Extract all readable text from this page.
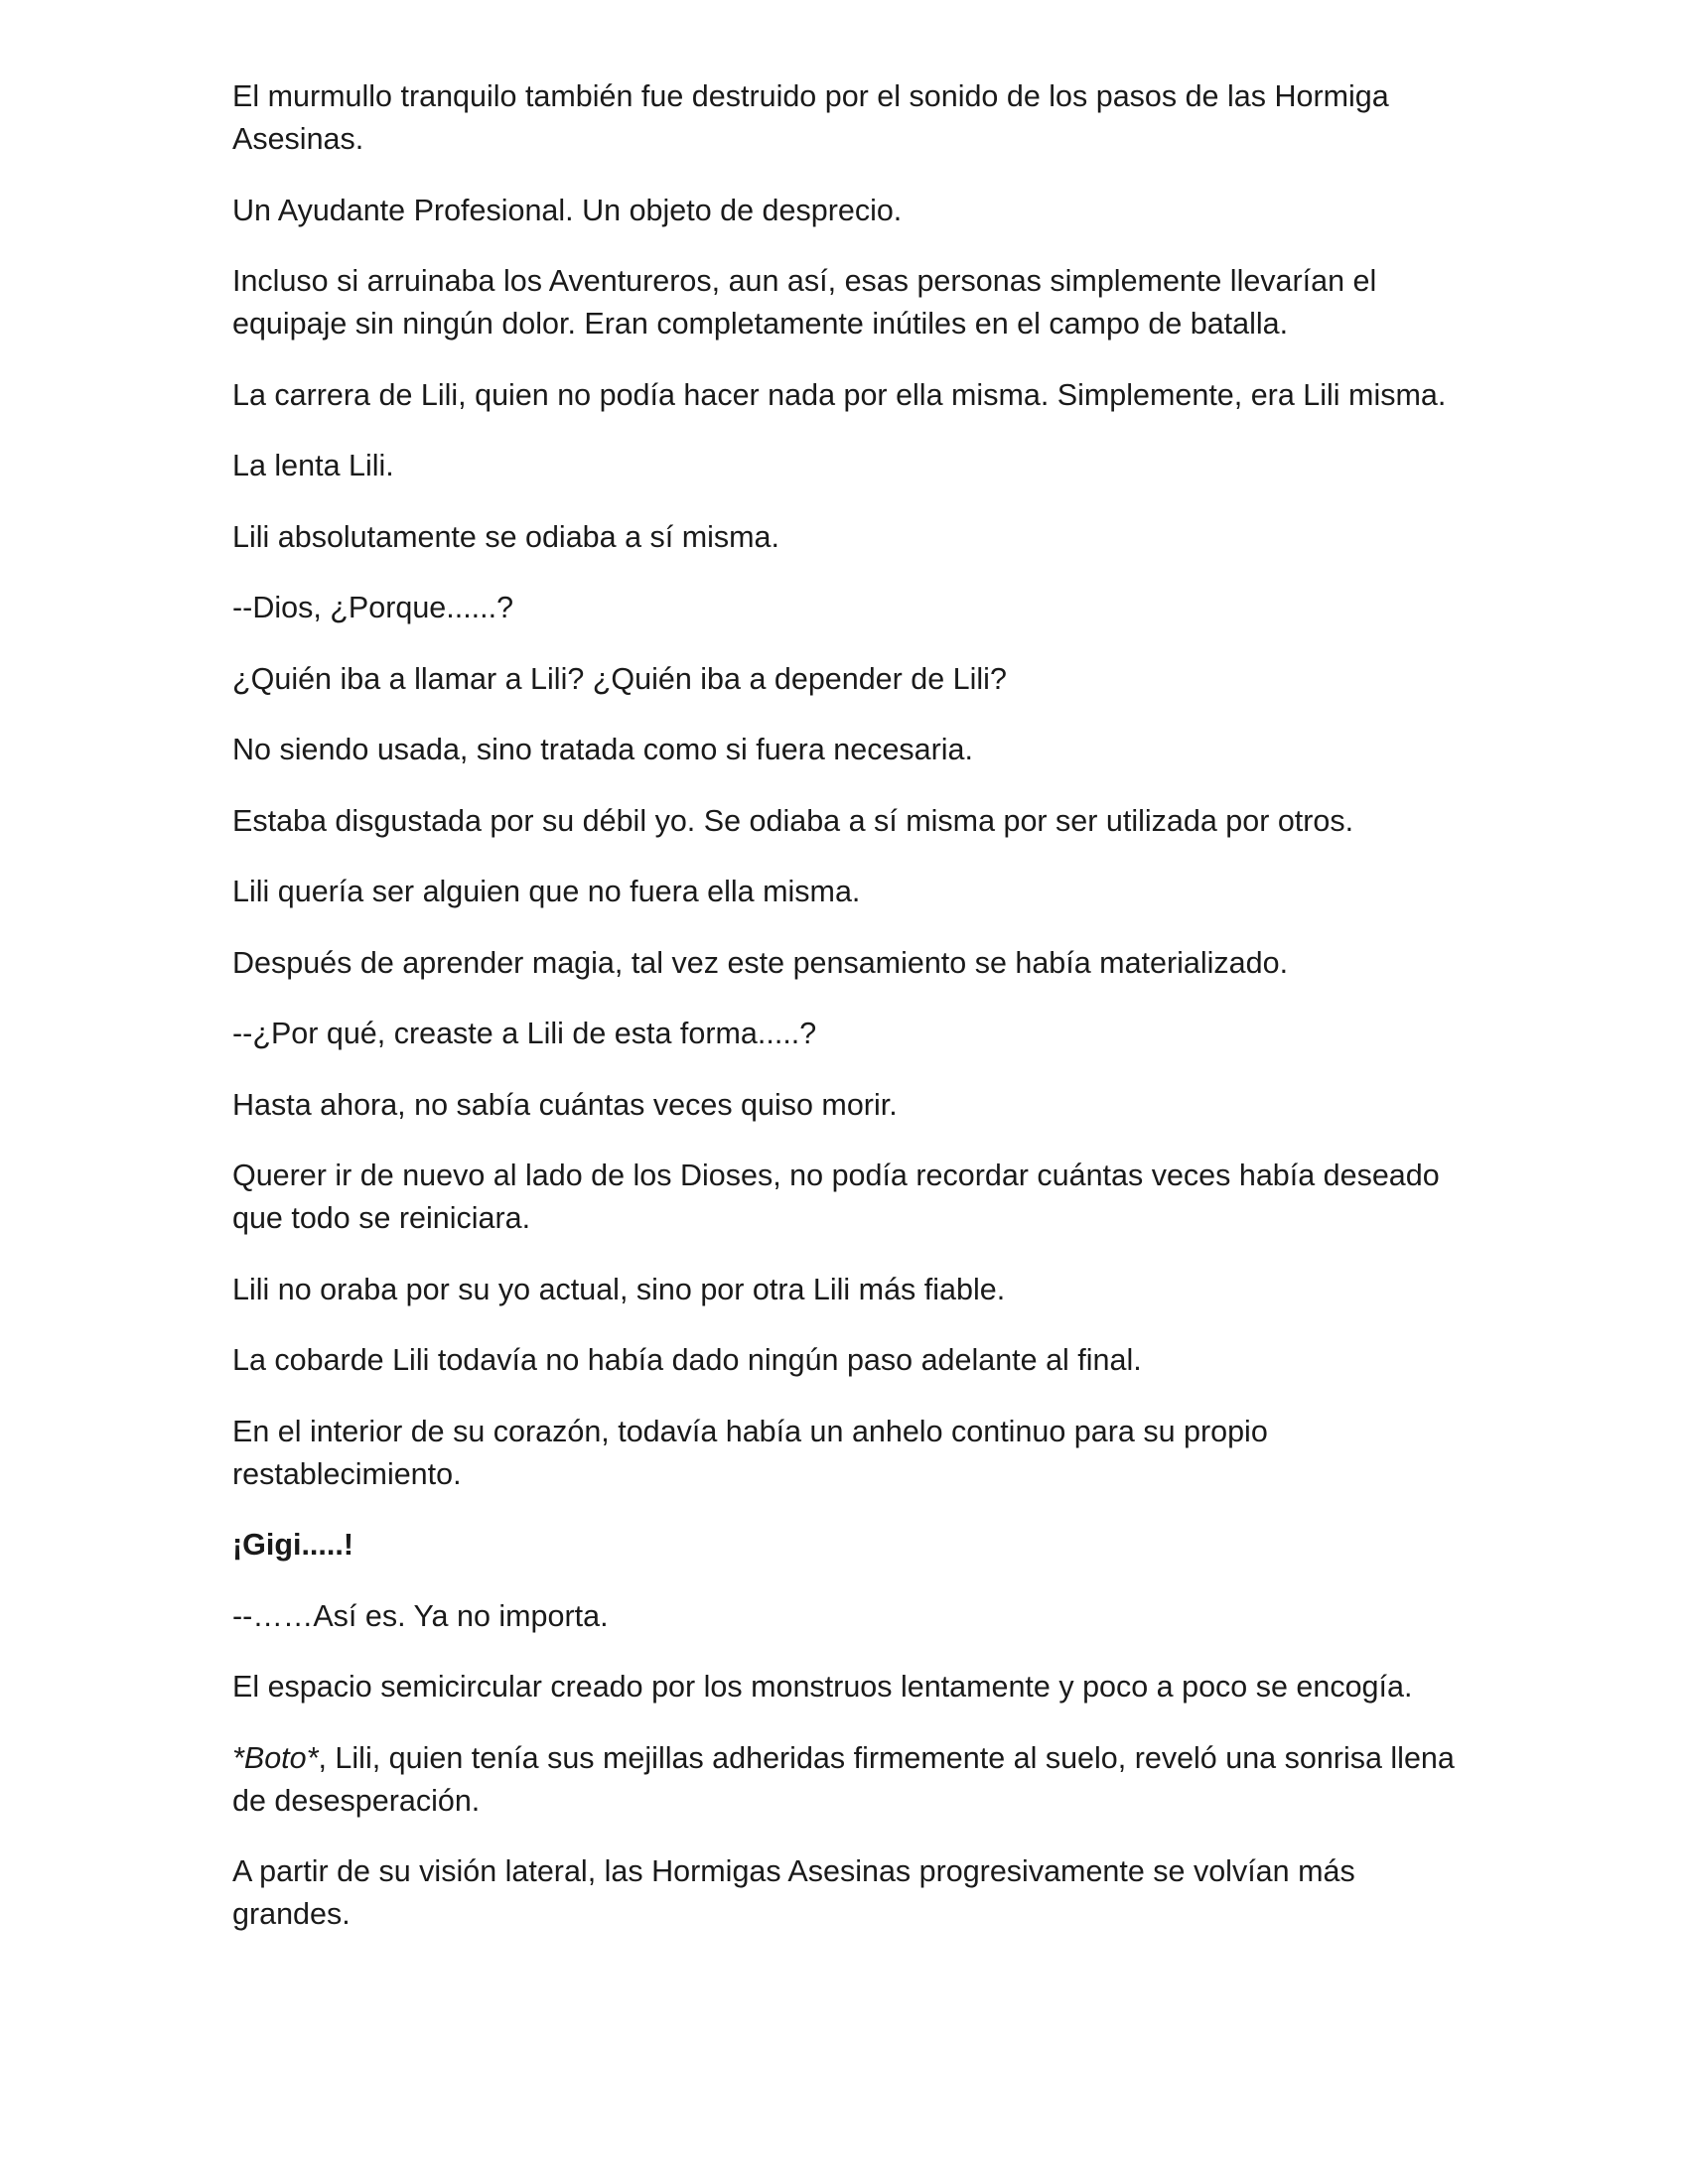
El murmullo tranquilo también fue destruido por el sonido de los pasos de las Hormiga Asesinas.

Un Ayudante Profesional. Un objeto de desprecio.

Incluso si arruinaba los Aventureros, aun así, esas personas simplemente llevarían el equipaje sin ningún dolor. Eran completamente inútiles en el campo de batalla.

La carrera de Lili, quien no podía hacer nada por ella misma. Simplemente, era Lili misma.

La lenta Lili.

Lili absolutamente se odiaba a sí misma.

--Dios, ¿Porque......?

¿Quién iba a llamar a Lili? ¿Quién iba a depender de Lili?

No siendo usada, sino tratada como si fuera necesaria.

Estaba disgustada por su débil yo. Se odiaba a sí misma por ser utilizada por otros.

Lili quería ser alguien que no fuera ella misma.

Después de aprender magia, tal vez este pensamiento se había materializado.

--¿Por qué, creaste a Lili de esta forma.....?

Hasta ahora, no sabía cuántas veces quiso morir.

Querer ir de nuevo al lado de los Dioses, no podía recordar cuántas veces había deseado que todo se reiniciara.

Lili no oraba por su yo actual, sino por otra Lili más fiable.

La cobarde Lili todavía no había dado ningún paso adelante al final.

En el interior de su corazón, todavía había un anhelo continuo para su propio restablecimiento.

¡Gigi.....!

--……Así es. Ya no importa.

El espacio semicircular creado por los monstruos lentamente y poco a poco se encogía.

*Boto*, Lili, quien tenía sus mejillas adheridas firmemente al suelo, reveló una sonrisa llena de desesperación.

A partir de su visión lateral, las Hormigas Asesinas progresivamente se volvían más grandes.
